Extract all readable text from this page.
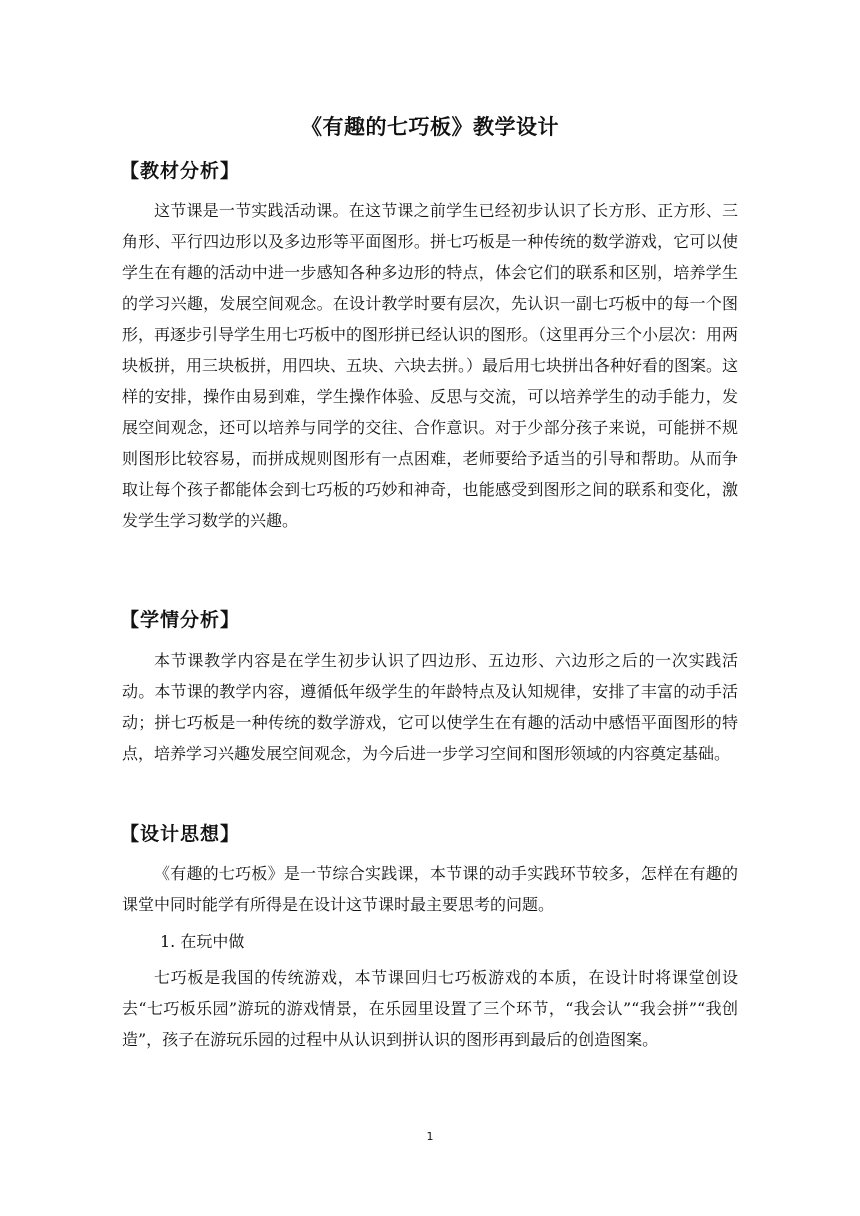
《有趣的七巧板》教学设计
【教材分析】

这节课是一节实践活动课。在这节课之前学生已经初步认识了长方形、正方形、三角形、平行四边形以及多边形等平面图形。拼七巧板是一种传统的数学游戏，它可以使学生在有趣的活动中进一步感知各种多边形的特点，体会它们的联系和区别，培养学生的学习兴趣，发展空间观念。在设计教学时要有层次，先认识一副七巧板中的每一个图形，再逐步引导学生用七巧板中的图形拼已经认识的图形。（这里再分三个小层次：用两块板拼，用三块板拼，用四块、五块、六块去拼。）最后用七块拼出各种好看的图案。这样的安排，操作由易到难，学生操作体验、反思与交流，可以培养学生的动手能力，发展空间观念，还可以培养与同学的交往、合作意识。对于少部分孩子来说，可能拼不规则图形比较容易，而拼成规则图形有一点困难，老师要给予适当的引导和帮助。从而争取让每个孩子都能体会到七巧板的巧妙和神奇，也能感受到图形之间的联系和变化，激发学生学习数学的兴趣。

【学情分析】

本节课教学内容是在学生初步认识了四边形、五边形、六边形之后的一次实践活动。本节课的教学内容，遵循低年级学生的年龄特点及认知规律，安排了丰富的动手活动；拼七巧板是一种传统的数学游戏，它可以使学生在有趣的活动中感悟平面图形的特点，培养学习兴趣发展空间观念，为今后进一步学习空间和图形领域的内容奠定基础。

【设计思想】

《有趣的七巧板》是一节综合实践课，本节课的动手实践环节较多，怎样在有趣的课堂中同时能学有所得是在设计这节课时最主要思考的问题。

1. 在玩中做

七巧板是我国的传统游戏，本节课回归七巧板游戏的本质，在设计时将课堂创设去“七巧板乐园”游玩的游戏情景，在乐园里设置了三个环节，“我会认”“我会拼”“我创造”，孩子在游玩乐园的过程中从认识到拼认识的图形再到最后的创造图案。

1
